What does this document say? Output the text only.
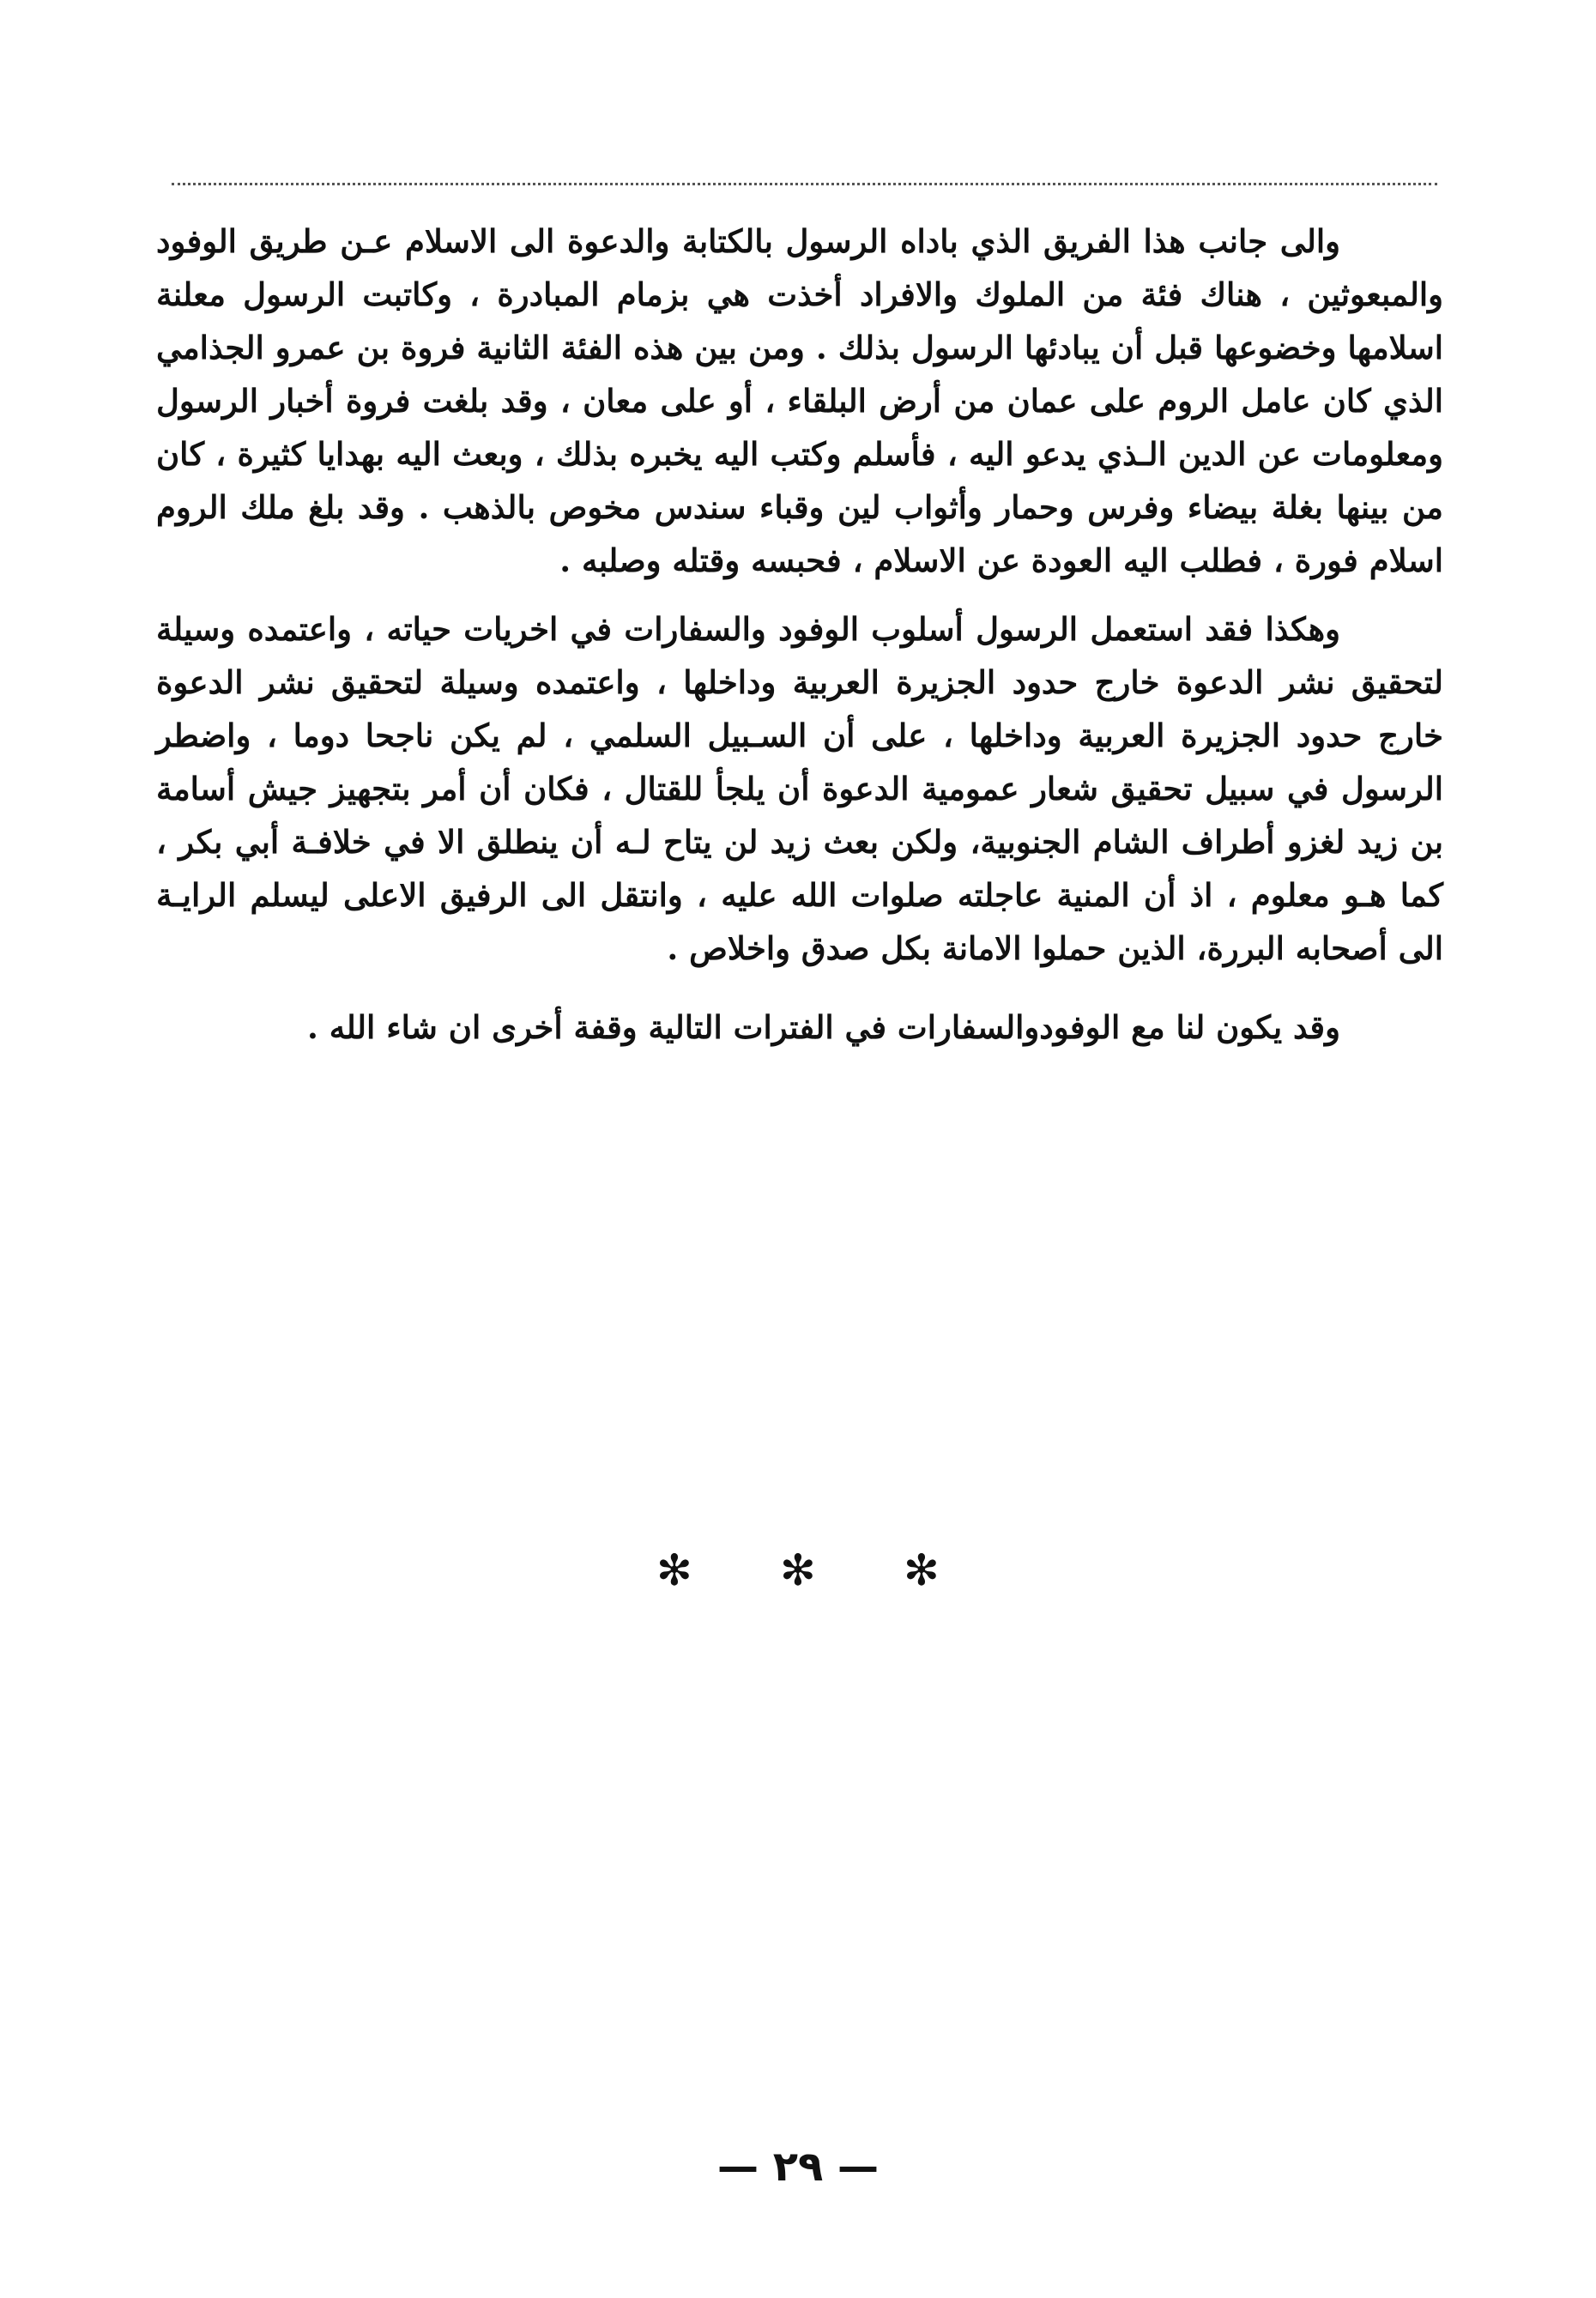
والى جانب هذا الفريق الذي باداه الرسول بالكتابة والدعوة الى الاسلام عـن طريق الوفود والمبعوثين ، هناك فئة من الملوك والافراد أخذت هي بزمام المبادرة ، وكاتبت الرسول معلنة اسلامها وخضوعها قبل أن يبادئها الرسول بذلك . ومن بين هذه الفئة الثانية فروة بن عمرو الجذامي الذي كان عامل الروم على عمان من أرض البلقاء ، أو على معان ، وقد بلغت فروة أخبار الرسول ومعلومات عن الدين الـذي يدعو اليه ، فأسلم وكتب اليه يخبره بذلك ، وبعث اليه بهدايا كثيرة ، كان من بينها بغلة بيضاء وفرس وحمار وأثواب لين وقباء سندس مخوص بالذهب . وقد بلغ ملك الروم اسلام فورة ، فطلب اليه العودة عن الاسلام ، فحبسه وقتله وصلبه .

وهكذا فقد استعمل الرسول أسلوب الوفود والسفارات في اخريات حياته ، واعتمده وسيلة لتحقيق نشر الدعوة خارج حدود الجزيرة العربية وداخلها ، واعتمده وسيلة لتحقيق نشر الدعوة خارج حدود الجزيرة العربية وداخلها ، على أن السـبيل السلمي ، لم يكن ناجحا دوما ، واضطر الرسول في سبيل تحقيق شعار عمومية الدعوة أن يلجأ للقتال ، فكان أن أمر بتجهيز جيش أسامة بن زيد لغزو أطراف الشام الجنوبية، ولكن بعث زيد لن يتاح لـه أن ينطلق الا في خلافـة أبي بكر ، كما هـو معلوم ، اذ أن المنية عاجلته صلوات الله عليه ، وانتقل الى الرفيق الاعلى ليسلم الرايـة الى أصحابه البررة، الذين حملوا الامانة بكل صدق واخلاص .

وقد يكون لنا مع الوفودوالسفارات في الفترات التالية وقفة أخرى ان شاء الله .

✻ ✻ ✻
— ٢٩ —
